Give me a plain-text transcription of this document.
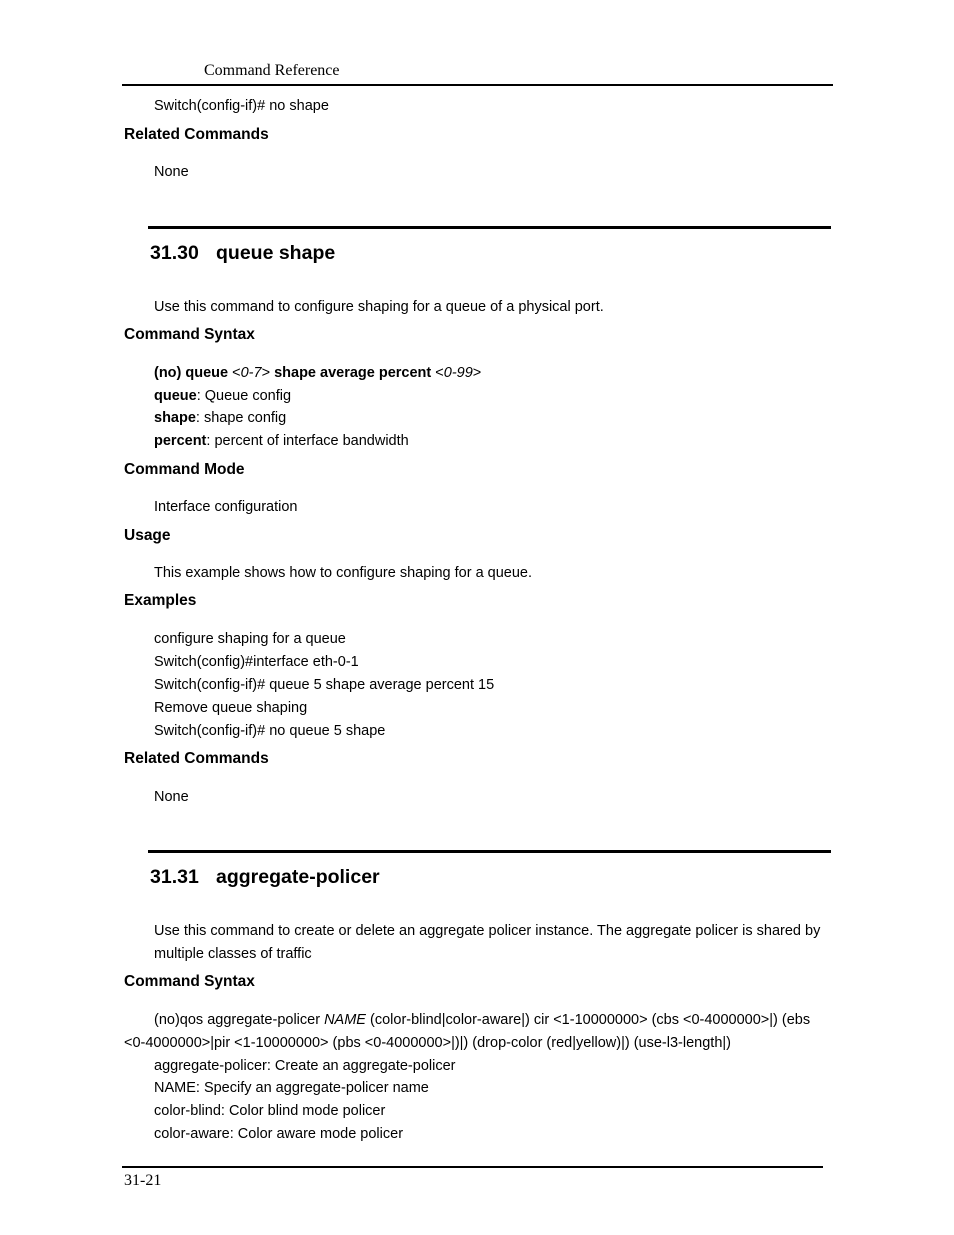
Command Reference
Switch(config-if)# no shape
Related Commands
None
31.30 queue shape
Use this command to configure shaping for a queue of a physical port.
Command Syntax
(no) queue <0-7> shape average percent <0-99>
queue: Queue config
shape: shape config
percent: percent of interface bandwidth
Command Mode
Interface configuration
Usage
This example shows how to configure shaping for a queue.
Examples
configure shaping for a queue
Switch(config)#interface eth-0-1
Switch(config-if)# queue 5 shape average percent 15
Remove queue shaping
Switch(config-if)# no queue 5 shape
Related Commands
None
31.31 aggregate-policer
Use this command to create or delete an aggregate policer instance. The aggregate policer is shared by
multiple classes of traffic
Command Syntax
(no)qos aggregate-policer NAME (color-blind|color-aware|) cir <1-10000000> (cbs <0-4000000>|) (ebs
<0-4000000>|pir <1-10000000> (pbs <0-4000000>|)|) (drop-color (red|yellow)|) (use-l3-length|)
aggregate-policer: Create an aggregate-policer
NAME: Specify an aggregate-policer name
color-blind: Color blind mode policer
color-aware: Color aware mode policer
31-21
